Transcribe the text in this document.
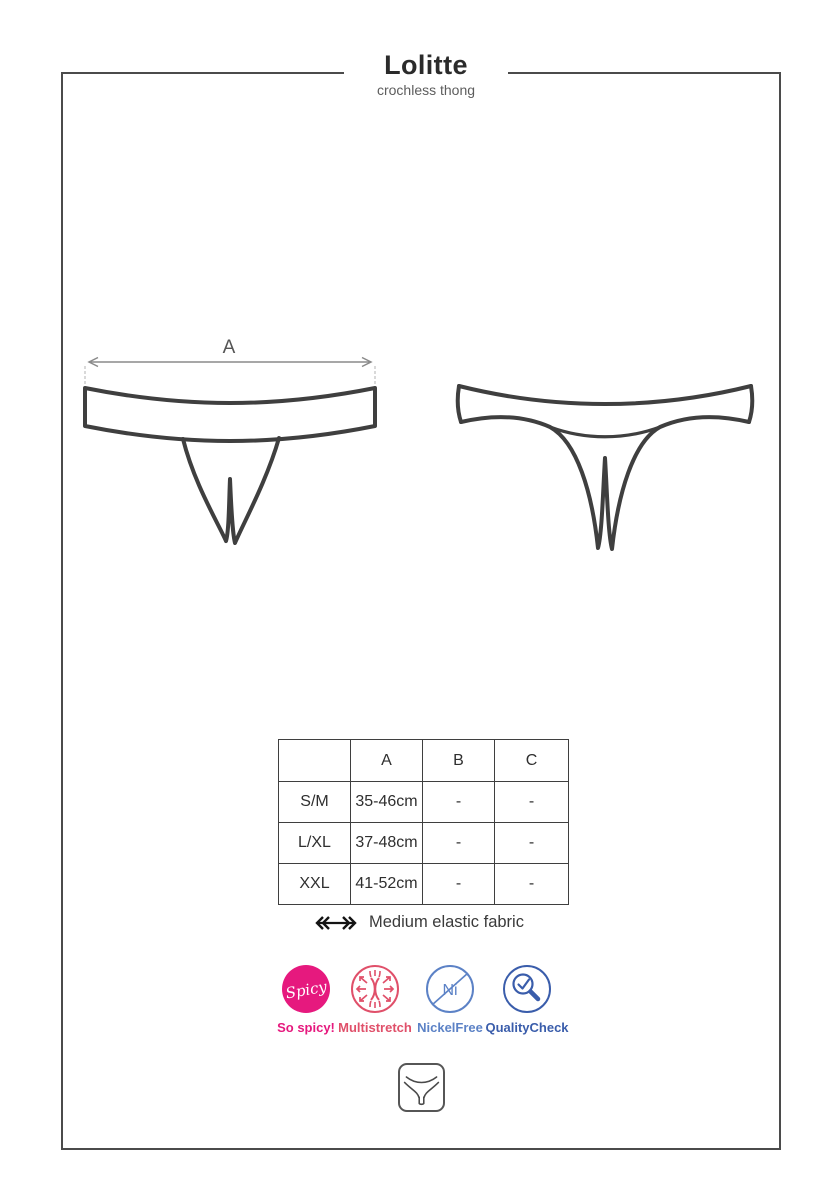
Lolitte
crochless thong
A
	A	B	C
S/M	35-46cm	-	-
L/XL	37-48cm	-	-
XXL	41-52cm	-	-
Medium elastic fabric
Spicy
So spicy! Multistretch
Ni
NickelFree QualityCheck
